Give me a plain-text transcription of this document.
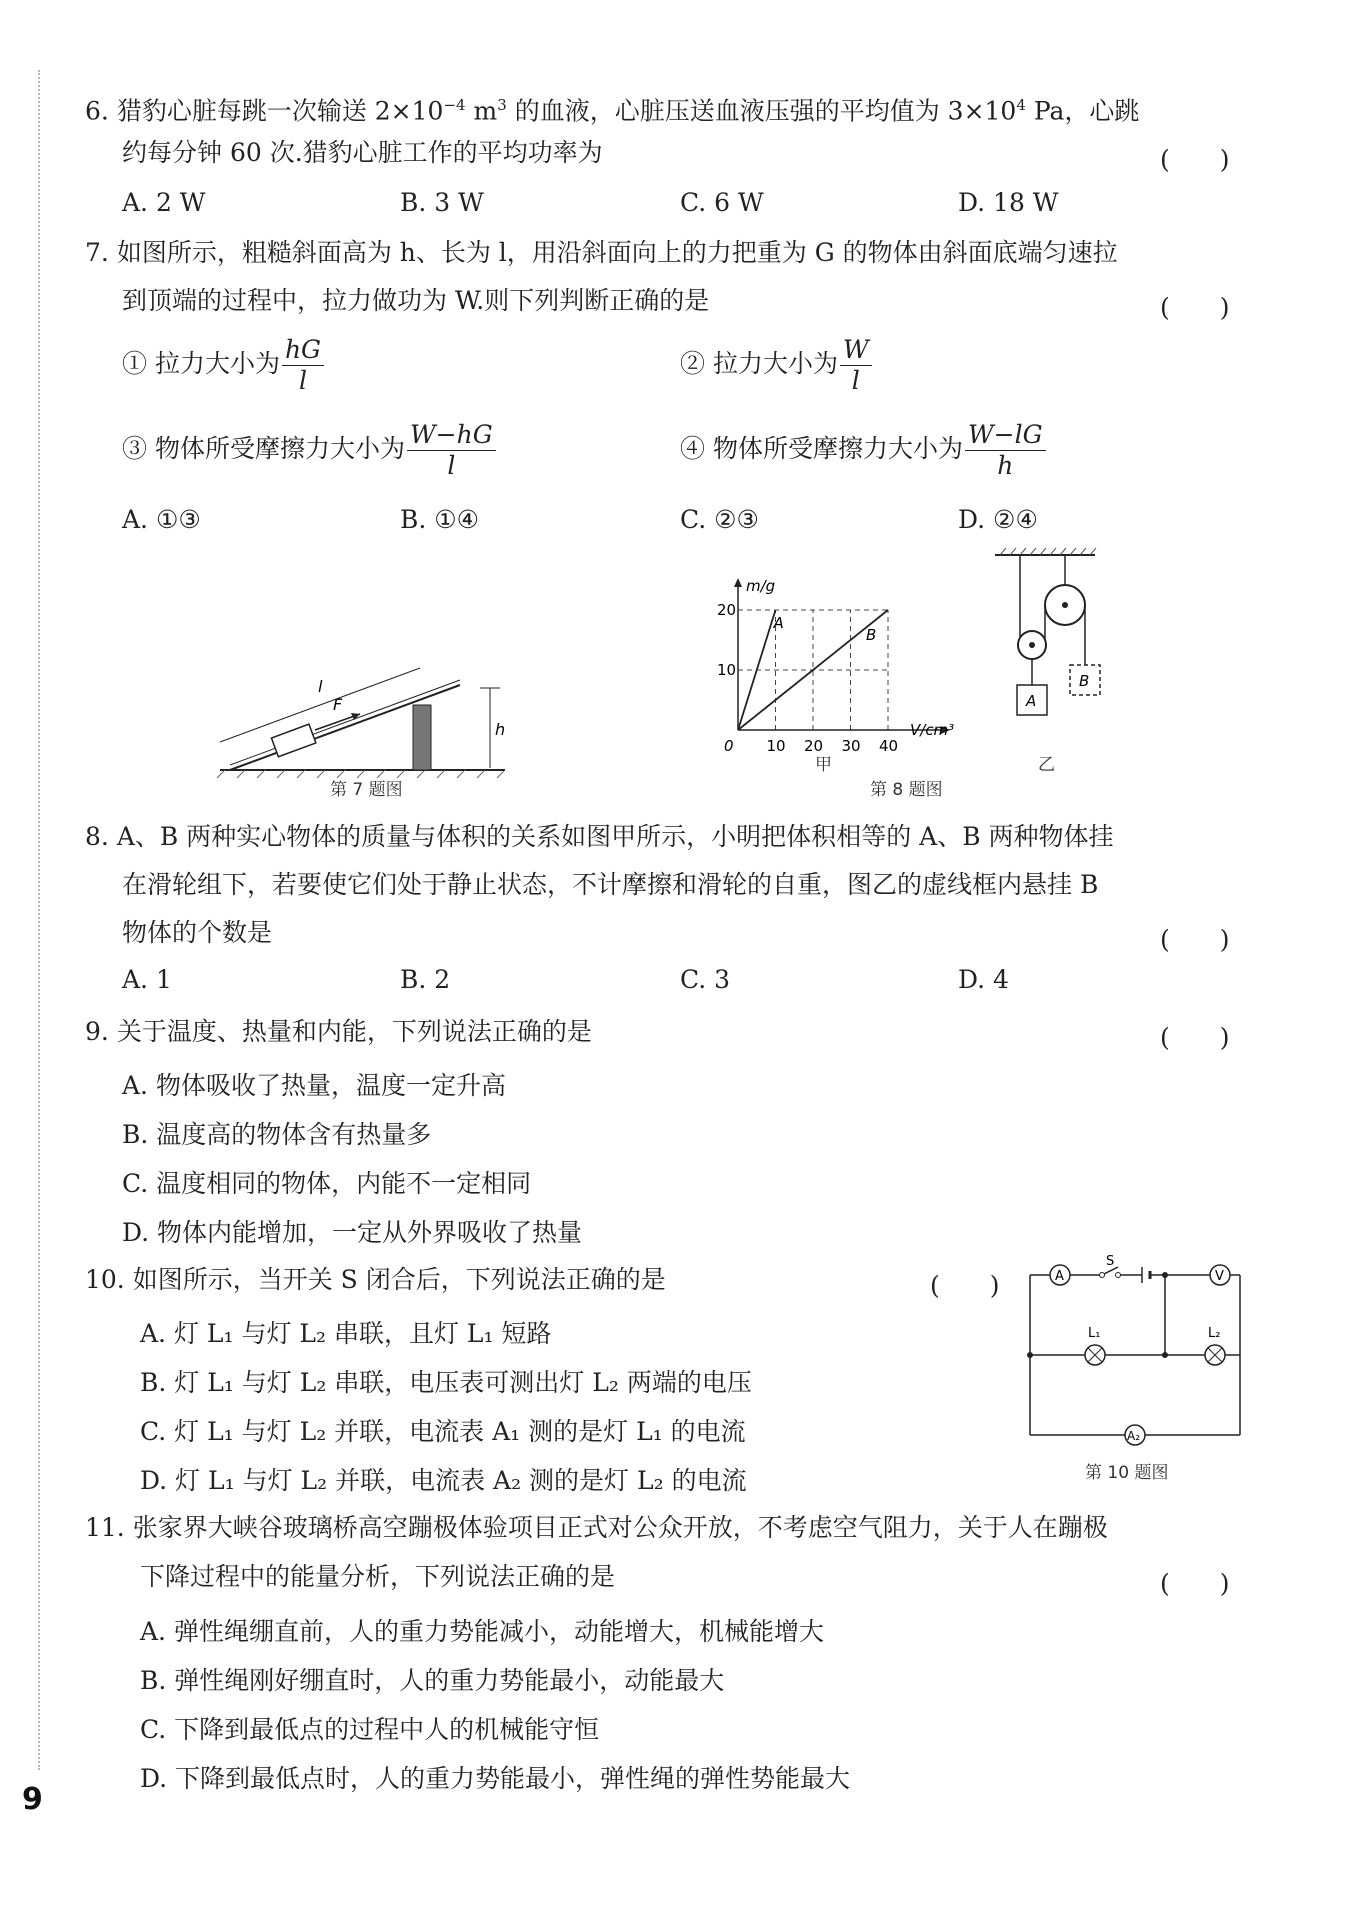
6. 猎豹心脏每跳一次输送 $2\times 10^{-4}$ $m^3$ 的血液，心脏压送血液压强的平均值为 $3\times 10^4$ Pa，心跳
约每分钟 60 次.猎豹心脏工作的平均功率为	(　　)
A. 2 W	B. 3 W	C. 6 W	D. 18 W
7. 如图所示，粗糙斜面高为 h、长为 l，用沿斜面向上的力把重为 G 的物体由斜面底端匀速拉
到顶端的过程中，拉力做功为 W.则下列判断正确的是	(　　)
① 拉力大小为 $\frac{hG}{l}$	② 拉力大小为 $\frac{W}{l}$
③ 物体所受摩擦力大小为 $\frac{W-hG}{l}$	④ 物体所受摩擦力大小为 $\frac{W-lG}{h}$
A. ①③	B. ①④	C. ②③	D. ②④
F
l
h
第 7 题图
A
B
m/g
V/cm³
0 10 20 30 40
10
20
甲
A
B
乙
第 8 题图
8. A、B 两种实心物体的质量与体积的关系如图甲所示，小明把体积相等的 A、B 两种物体挂
在滑轮组下，若要使它们处于静止状态，不计摩擦和滑轮的自重，图乙的虚线框内悬挂 B
物体的个数是	(　　)
A. 1	B. 2	C. 3	D. 4
9. 关于温度、热量和内能，下列说法正确的是	(　　)
A. 物体吸收了热量，温度一定升高
B. 温度高的物体含有热量多
C. 温度相同的物体，内能不一定相同
D. 物体内能增加，一定从外界吸收了热量
10. 如图所示，当开关 S 闭合后，下列说法正确的是	(　　)
A. 灯 L₁ 与灯 L₂ 串联，且灯 L₁ 短路
B. 灯 L₁ 与灯 L₂ 串联，电压表可测出灯 L₂ 两端的电压
C. 灯 L₁ 与灯 L₂ 并联，电流表 A₁ 测的是灯 L₁ 的电流
D. 灯 L₁ 与灯 L₂ 并联，电流表 A₂ 测的是灯 L₂ 的电流
A
S
V
L₁	L₂
A₂
第 10 题图
11. 张家界大峡谷玻璃桥高空蹦极体验项目正式对公众开放，不考虑空气阻力，关于人在蹦极
下降过程中的能量分析，下列说法正确的是	(　　)
A. 弹性绳绷直前，人的重力势能减小，动能增大，机械能增大
B. 弹性绳刚好绷直时，人的重力势能最小，动能最大
C. 下降到最低点的过程中人的机械能守恒
D. 下降到最低点时，人的重力势能最小，弹性绳的弹性势能最大
9
